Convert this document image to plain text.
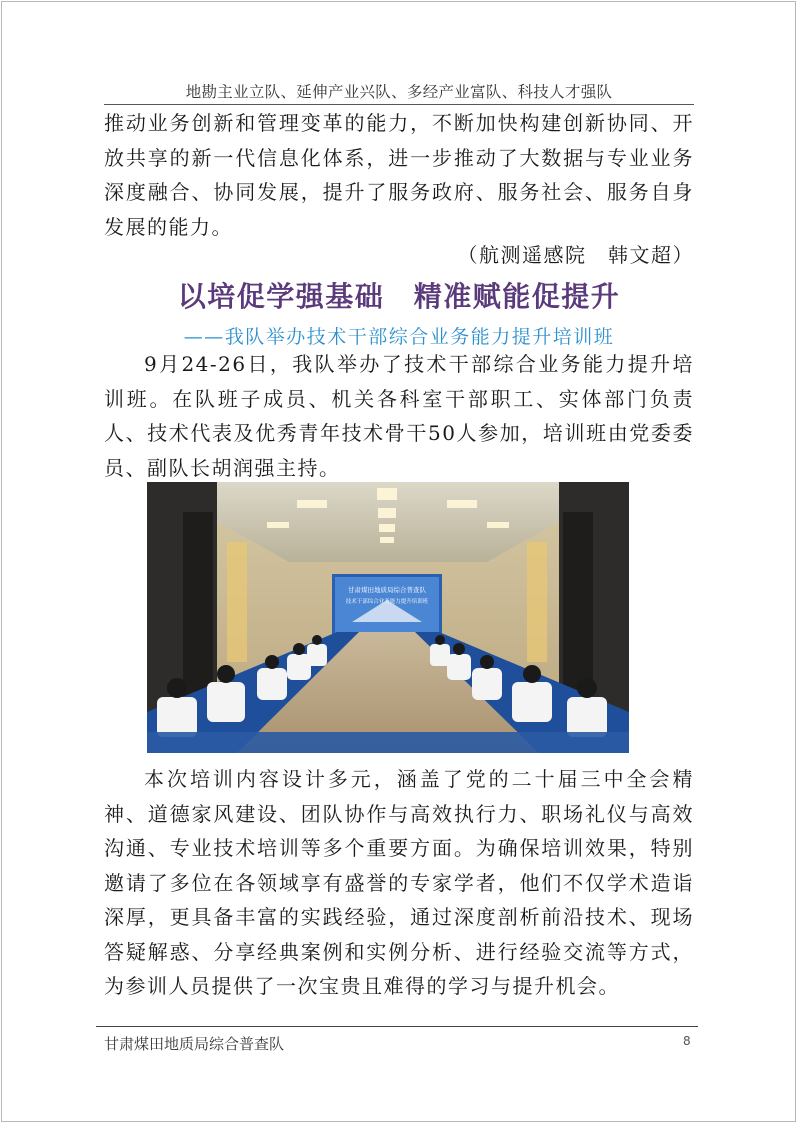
地勘主业立队、延伸产业兴队、多经产业富队、科技人才强队

推动业务创新和管理变革的能力，不断加快构建创新协同、开放共享的新一代信息化体系，进一步推动了大数据与专业业务深度融合、协同发展，提升了服务政府、服务社会、服务自身发展的能力。

（航测遥感院　韩文超）
以培促学强基础　精准赋能促提升
——我队举办技术干部综合业务能力提升培训班

9月24-26日，我队举办了技术干部综合业务能力提升培训班。在队班子成员、机关各科室干部职工、实体部门负责人、技术代表及优秀青年技术骨干50人参加，培训班由党委委员、副队长胡润强主持。

甘肃煤田地质局综合普查队
技术干部综合业务能力提升培训班

本次培训内容设计多元，涵盖了党的二十届三中全会精神、道德家风建设、团队协作与高效执行力、职场礼仪与高效沟通、专业技术培训等多个重要方面。为确保培训效果，特别邀请了多位在各领域享有盛誉的专家学者，他们不仅学术造诣深厚，更具备丰富的实践经验，通过深度剖析前沿技术、现场答疑解惑、分享经典案例和实例分析、进行经验交流等方式，为参训人员提供了一次宝贵且难得的学习与提升机会。

甘肃煤田地质局综合普查队	8
